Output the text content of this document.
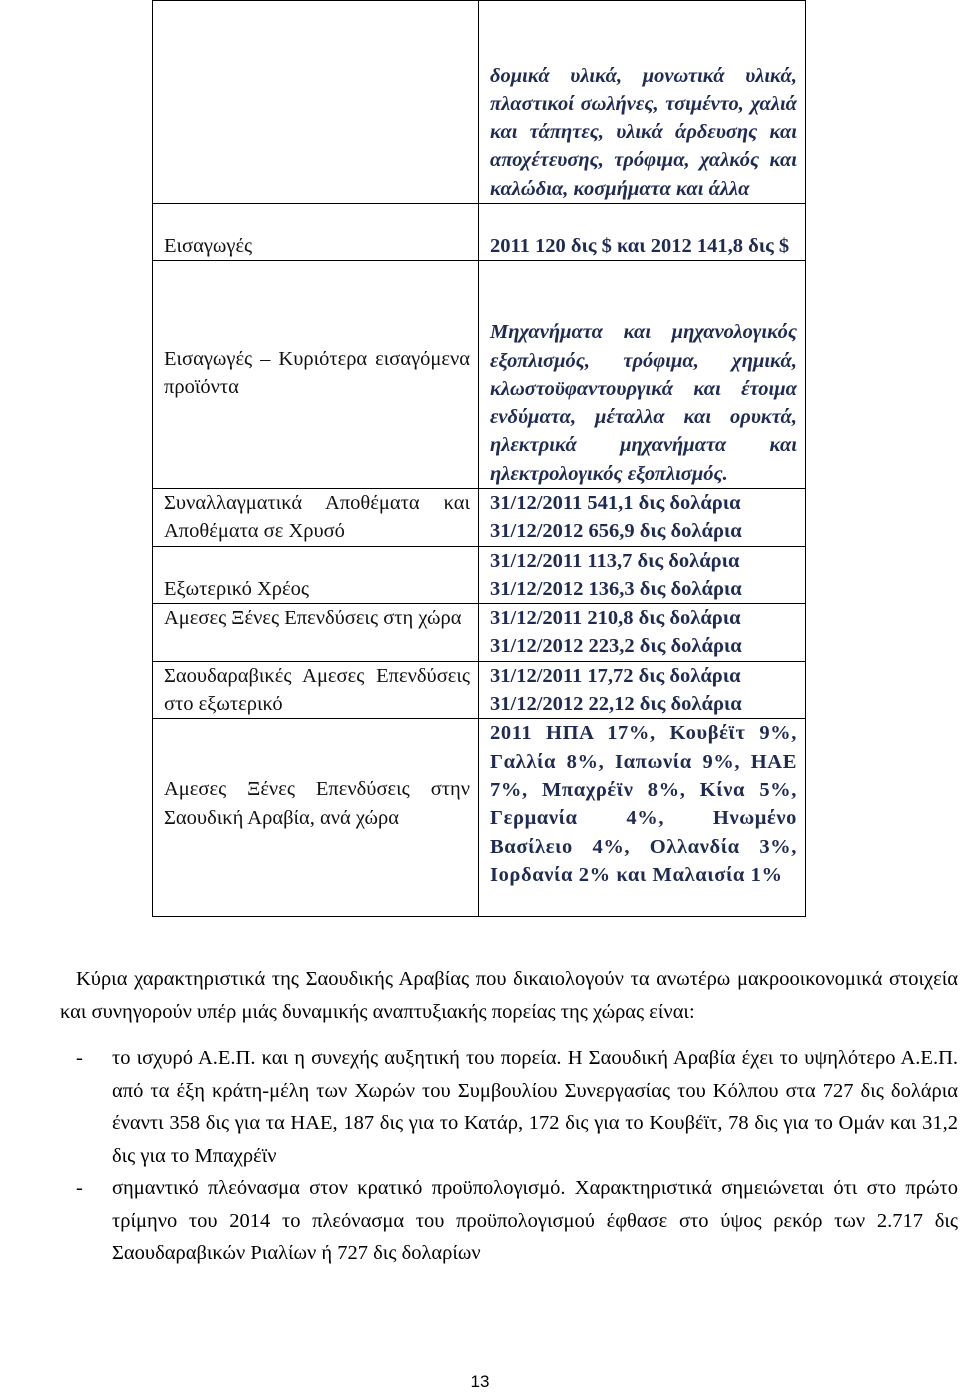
	δομικά υλικά, μονωτικά υλικά, πλαστικοί σωλήνες, τσιμέντο, χαλιά και τάπητες, υλικά άρδευσης και αποχέτευσης, τρόφιμα, χαλκός και καλώδια, κοσμήματα και άλλα
Εισαγωγές	2011 120 δις $ και 2012 141,8 δις $
Εισαγωγές – Κυριότερα εισαγόμενα προϊόντα	Μηχανήματα και μηχανολογικός εξοπλισμός, τρόφιμα, χημικά, κλωστοϋφαντουργικά και έτοιμα ενδύματα, μέταλλα και ορυκτά, ηλεκτρικά μηχανήματα και ηλεκτρολογικός εξοπλισμός.
Συναλλαγματικά Αποθέματα και Αποθέματα σε Χρυσό	31/12/2011 541,1 δις δολάρια
31/12/2012 656,9 δις δολάρια

Εξωτερικό Χρέος	31/12/2011 113,7 δις δολάρια
31/12/2012 136,3 δις δολάρια

Αμεσες Ξένες Επενδύσεις στη χώρα	31/12/2011 210,8 δις δολάρια
31/12/2012 223,2 δις δολάρια

Σαουδαραβικές Αμεσες Επενδύσεις στο εξωτερικό	31/12/2011 17,72 δις δολάρια
31/12/2012 22,12 δις δολάρια

Αμεσες Ξένες Επενδύσεις στην Σαουδική Αραβία, ανά χώρα	2011 ΗΠΑ 17%, Κουβέϊτ 9%, Γαλλία 8%, Ιαπωνία 9%, ΗΑΕ 7%, Μπαχρέϊν 8%, Κίνα 5%, Γερμανία 4%, Ηνωμένο Βασίλειο 4%, Ολλανδία 3%, Ιορδανία 2% και Μαλαισία 1%

Κύρια χαρακτηριστικά της Σαουδικής Αραβίας που δικαιολογούν τα ανωτέρω μακροοικονομικά στοιχεία και συνηγορούν υπέρ μιάς δυναμικής αναπτυξιακής πορείας της χώρας είναι:

- το ισχυρό Α.Ε.Π. και η συνεχής αυξητική του πορεία. Η Σαουδική Αραβία έχει το υψηλότερο Α.Ε.Π. από τα έξη κράτη-μέλη των Χωρών του Συμβουλίου Συνεργασίας του Κόλπου στα 727 δις δολάρια έναντι 358 δις για τα ΗΑΕ, 187 δις για το Κατάρ, 172 δις για το Κουβέϊτ, 78 δις για το Ομάν και 31,2 δις για το Μπαχρέϊν
- σημαντικό πλεόνασμα στον κρατικό προϋπολογισμό. Χαρακτηριστικά σημειώνεται ότι στο πρώτο τρίμηνο του 2014 το πλεόνασμα του προϋπολογισμού έφθασε στο ύψος ρεκόρ των 2.717 δις Σαουδαραβικών Ριαλίων ή 727 δις δολαρίων
13
